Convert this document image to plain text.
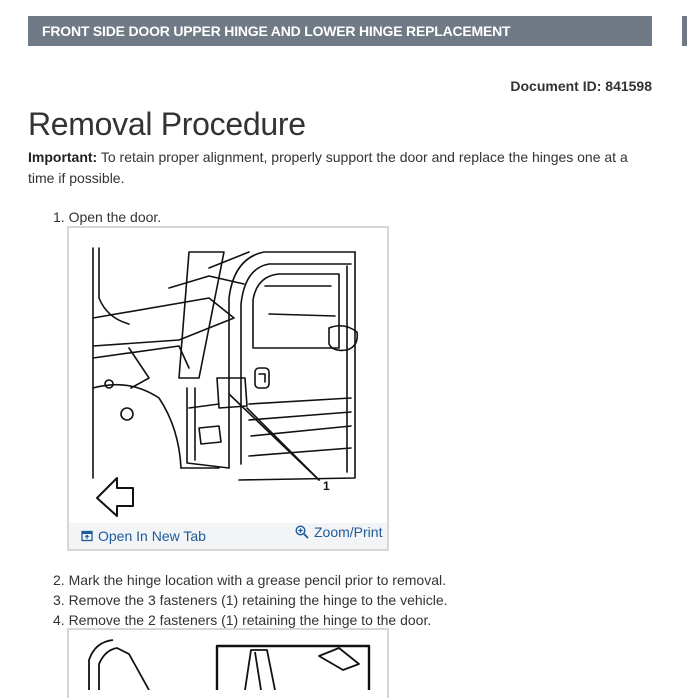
FRONT SIDE DOOR UPPER HINGE AND LOWER HINGE REPLACEMENT
Document ID: 841598
Removal Procedure
Important: To retain proper alignment, properly support the door and replace the hinges one at a time if possible.
1. Open the door.
1
Open In New Tab	Zoom/Print
2. Mark the hinge location with a grease pencil prior to removal.
3. Remove the 3 fasteners (1) retaining the hinge to the vehicle.
4. Remove the 2 fasteners (1) retaining the hinge to the door.
